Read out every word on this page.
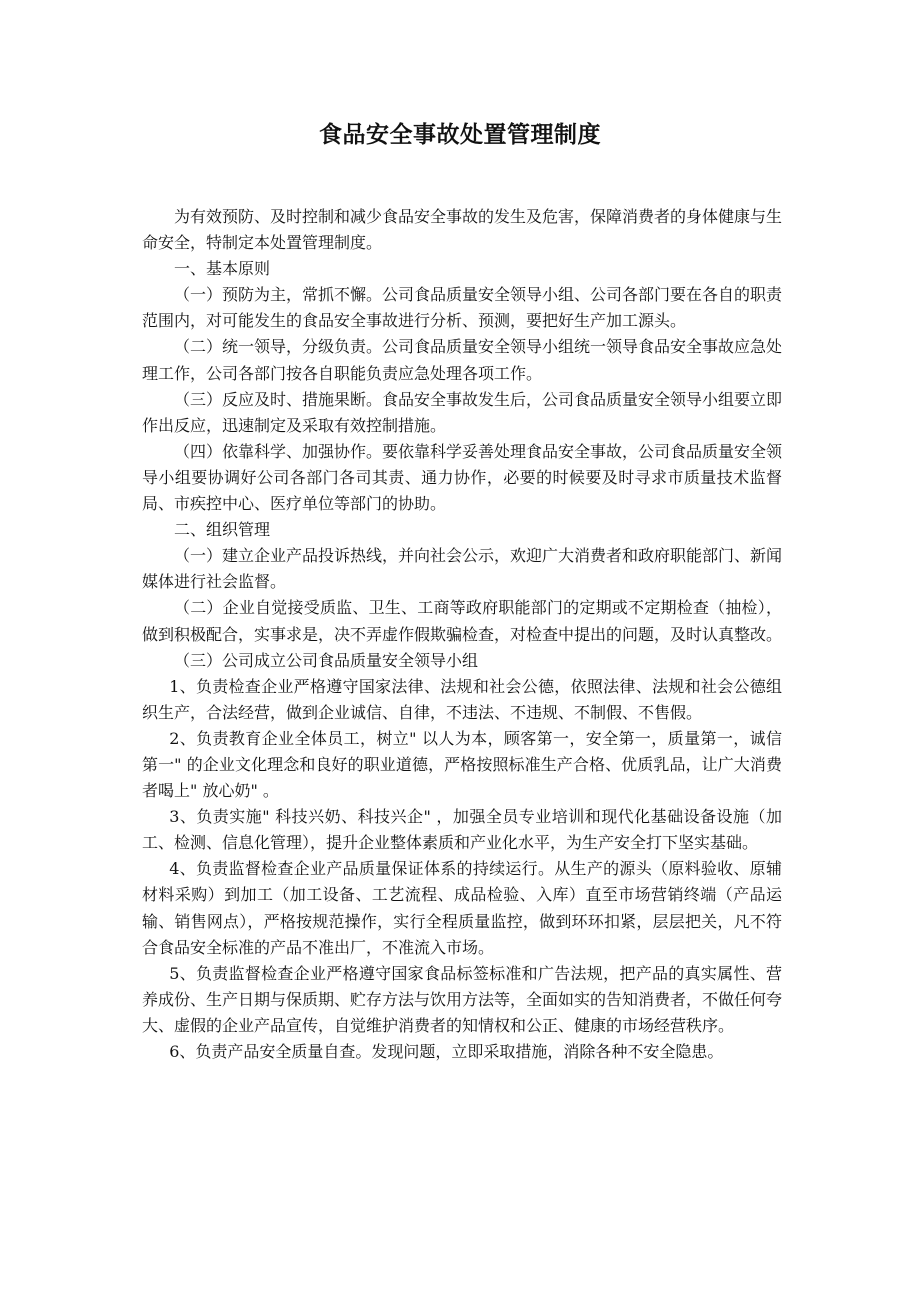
食品安全事故处置管理制度

为有效预防、及时控制和减少食品安全事故的发生及危害，保障消费者的身体健康与生命安全，特制定本处置管理制度。

一、基本原则

（一）预防为主，常抓不懈。公司食品质量安全领导小组、公司各部门要在各自的职责范围内，对可能发生的食品安全事故进行分析、预测，要把好生产加工源头。

（二）统一领导，分级负责。公司食品质量安全领导小组统一领导食品安全事故应急处理工作，公司各部门按各自职能负责应急处理各项工作。

（三）反应及时、措施果断。食品安全事故发生后，公司食品质量安全领导小组要立即作出反应，迅速制定及采取有效控制措施。

（四）依靠科学、加强协作。要依靠科学妥善处理食品安全事故，公司食品质量安全领导小组要协调好公司各部门各司其责、通力协作，必要的时候要及时寻求市质量技术监督局、市疾控中心、医疗单位等部门的协助。

二、组织管理

（一）建立企业产品投诉热线，并向社会公示，欢迎广大消费者和政府职能部门、新闻媒体进行社会监督。

（二）企业自觉接受质监、卫生、工商等政府职能部门的定期或不定期检查（抽检），做到积极配合，实事求是，决不弄虚作假欺骗检查，对检查中提出的问题，及时认真整改。

（三）公司成立公司食品质量安全领导小组

1、负责检查企业严格遵守国家法律、法规和社会公德，依照法律、法规和社会公德组织生产，合法经营，做到企业诚信、自律，不违法、不违规、不制假、不售假。

2、负责教育企业全体员工，树立" 以人为本，顾客第一，安全第一，质量第一，诚信第一" 的企业文化理念和良好的职业道德，严格按照标准生产合格、优质乳品，让广大消费者喝上" 放心奶" 。

3、负责实施" 科技兴奶、科技兴企" ，加强全员专业培训和现代化基础设备设施（加工、检测、信息化管理），提升企业整体素质和产业化水平，为生产安全打下坚实基础。

4、负责监督检查企业产品质量保证体系的持续运行。从生产的源头（原料验收、原辅材料采购）到加工（加工设备、工艺流程、成品检验、入库）直至市场营销终端（产品运输、销售网点），严格按规范操作，实行全程质量监控，做到环环扣紧，层层把关，凡不符合食品安全标准的产品不准出厂，不准流入市场。

5、负责监督检查企业严格遵守国家食品标签标准和广告法规，把产品的真实属性、营养成份、生产日期与保质期、贮存方法与饮用方法等，全面如实的告知消费者，不做任何夸大、虚假的企业产品宣传，自觉维护消费者的知情权和公正、健康的市场经营秩序。

6、负责产品安全质量自查。发现问题，立即采取措施，消除各种不安全隐患。
